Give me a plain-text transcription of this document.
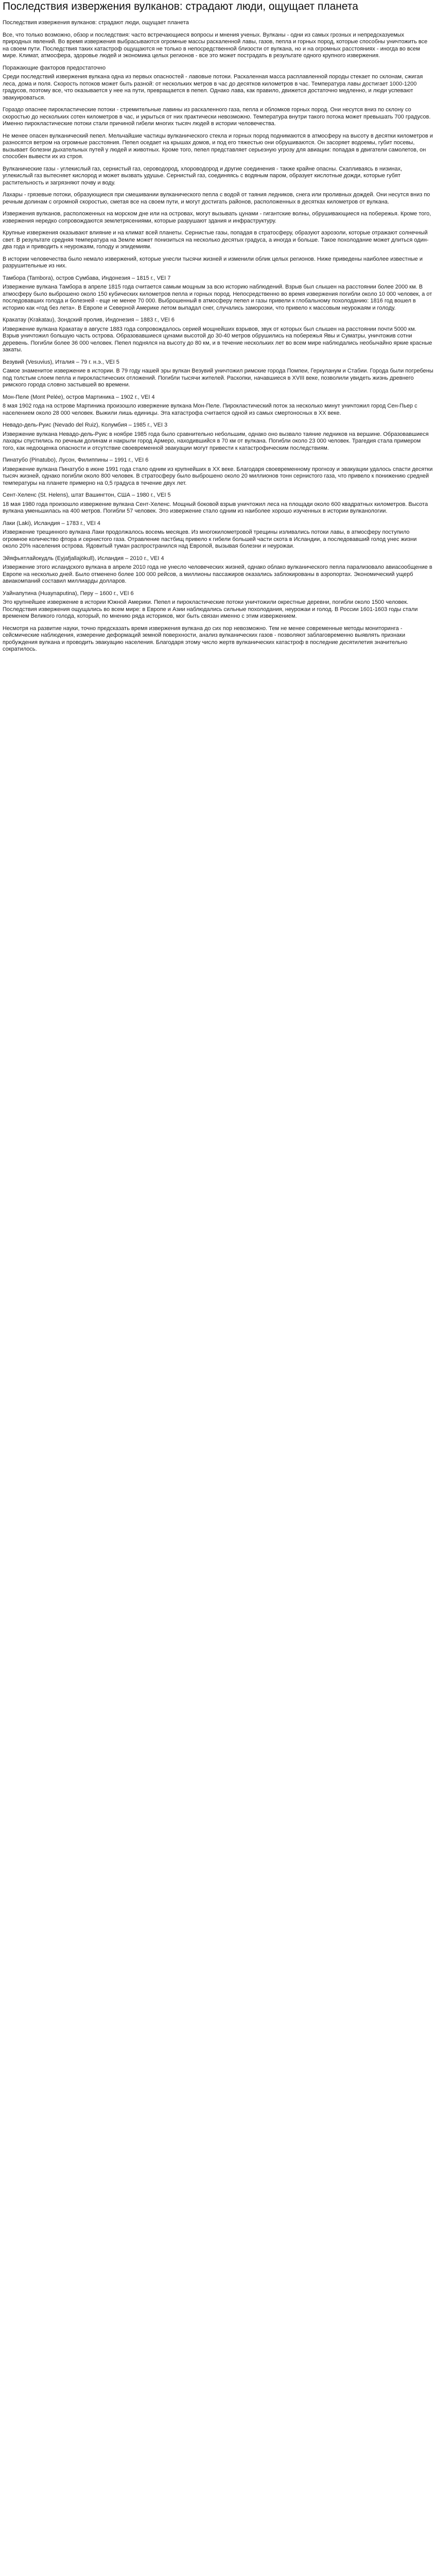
Последствия извержения вулканов: страдают люди, ощущает планета

Последствия извержения вулканов: страдают люди, ощущает планета

Все, что только возможно, обзор и последствия: часто встречающиеся вопросы и мнения ученых. Вулканы - одни из самых грозных и непредсказуемых природных явлений. Во время извержения выбрасываются огромные массы раскаленной лавы, газов, пепла и горных пород, которые способны уничтожить все на своем пути. Последствия таких катастроф ощущаются не только в непосредственной близости от вулкана, но и на огромных расстояниях - иногда во всем мире. Климат, атмосфера, здоровье людей и экономика целых регионов - все это может пострадать в результате одного крупного извержения.

Поражающие факторов предостаточно

Среди последствий извержения вулкана одна из первых опасностей - лавовые потоки. Раскаленная масса расплавленной породы стекает по склонам, сжигая леса, дома и поля. Скорость потоков может быть разной: от нескольких метров в час до десятков километров в час. Температура лавы достигает 1000-1200 градусов, поэтому все, что оказывается у нее на пути, превращается в пепел. Однако лава, как правило, движется достаточно медленно, и люди успевают эвакуироваться.

Гораздо опаснее пирокластические потоки - стремительные лавины из раскаленного газа, пепла и обломков горных пород. Они несутся вниз по склону со скоростью до нескольких сотен километров в час, и укрыться от них практически невозможно. Температура внутри такого потока может превышать 700 градусов. Именно пирокластические потоки стали причиной гибели многих тысяч людей в истории человечества.

Не менее опасен вулканический пепел. Мельчайшие частицы вулканического стекла и горных пород поднимаются в атмосферу на высоту в десятки километров и разносятся ветром на огромные расстояния. Пепел оседает на крышах домов, и под его тяжестью они обрушиваются. Он засоряет водоемы, губит посевы, вызывает болезни дыхательных путей у людей и животных. Кроме того, пепел представляет серьезную угрозу для авиации: попадая в двигатели самолетов, он способен вывести их из строя.

Вулканические газы - углекислый газ, сернистый газ, сероводород, хлороводород и другие соединения - также крайне опасны. Скапливаясь в низинах, углекислый газ вытесняет кислород и может вызвать удушье. Сернистый газ, соединяясь с водяным паром, образует кислотные дожди, которые губят растительность и загрязняют почву и воду.

Лахары - грязевые потоки, образующиеся при смешивании вулканического пепла с водой от таяния ледников, снега или проливных дождей. Они несутся вниз по речным долинам с огромной скоростью, сметая все на своем пути, и могут достигать районов, расположенных в десятках километров от вулкана.

Извержения вулканов, расположенных на морском дне или на островах, могут вызывать цунами - гигантские волны, обрушивающиеся на побережья. Кроме того, извержения нередко сопровождаются землетрясениями, которые разрушают здания и инфраструктуру.

Крупные извержения оказывают влияние и на климат всей планеты. Сернистые газы, попадая в стратосферу, образуют аэрозоли, которые отражают солнечный свет. В результате средняя температура на Земле может понизиться на несколько десятых градуса, а иногда и больше. Такое похолодание может длиться один-два года и приводить к неурожаям, голоду и эпидемиям.

В истории человечества было немало извержений, которые унесли тысячи жизней и изменили облик целых регионов. Ниже приведены наиболее известные и разрушительные из них.

Тамбора (Tambora), остров Сумбава, Индонезия – 1815 г., VEI 7

Извержение вулкана Тамбора в апреле 1815 года считается самым мощным за всю историю наблюдений. Взрыв был слышен на расстоянии более 2000 км. В атмосферу было выброшено около 150 кубических километров пепла и горных пород. Непосредственно во время извержения погибли около 10 000 человек, а от последовавших голода и болезней - еще не менее 70 000. Выброшенный в атмосферу пепел и газы привели к глобальному похолоданию: 1816 год вошел в историю как «год без лета». В Европе и Северной Америке летом выпадал снег, случались заморозки, что привело к массовым неурожаям и голоду.

Кракатау (Krakatau), Зондский пролив, Индонезия – 1883 г., VEI 6

Извержение вулкана Кракатау в августе 1883 года сопровождалось серией мощнейших взрывов, звук от которых был слышен на расстоянии почти 5000 км. Взрыв уничтожил большую часть острова. Образовавшиеся цунами высотой до 30-40 метров обрушились на побережья Явы и Суматры, уничтожив сотни деревень. Погибли более 36 000 человек. Пепел поднялся на высоту до 80 км, и в течение нескольких лет во всем мире наблюдались необычайно яркие красные закаты.

Везувий (Vesuvius), Италия – 79 г. н.э., VEI 5

Самое знаменитое извержение в истории. В 79 году нашей эры вулкан Везувий уничтожил римские города Помпеи, Геркуланум и Стабии. Города были погребены под толстым слоем пепла и пирокластических отложений. Погибли тысячи жителей. Раскопки, начавшиеся в XVIII веке, позволили увидеть жизнь древнего римского города словно застывшей во времени.

Мон-Пеле (Mont Pelée), остров Мартиника – 1902 г., VEI 4

8 мая 1902 года на острове Мартиника произошло извержение вулкана Мон-Пеле. Пирокластический поток за несколько минут уничтожил город Сен-Пьер с населением около 28 000 человек. Выжили лишь единицы. Эта катастрофа считается одной из самых смертоносных в XX веке.

Невадо-дель-Руис (Nevado del Ruiz), Колумбия – 1985 г., VEI 3

Извержение вулкана Невадо-дель-Руис в ноябре 1985 года было сравнительно небольшим, однако оно вызвало таяние ледников на вершине. Образовавшиеся лахары спустились по речным долинам и накрыли город Армеро, находившийся в 70 км от вулкана. Погибли около 23 000 человек. Трагедия стала примером того, как недооценка опасности и отсутствие своевременной эвакуации могут привести к катастрофическим последствиям.

Пинатубо (Pinatubo), Лусон, Филиппины – 1991 г., VEI 6

Извержение вулкана Пинатубо в июне 1991 года стало одним из крупнейших в XX веке. Благодаря своевременному прогнозу и эвакуации удалось спасти десятки тысяч жизней, однако погибли около 800 человек. В стратосферу было выброшено около 20 миллионов тонн сернистого газа, что привело к понижению средней температуры на планете примерно на 0,5 градуса в течение двух лет.

Сент-Хеленс (St. Helens), штат Вашингтон, США – 1980 г., VEI 5

18 мая 1980 года произошло извержение вулкана Сент-Хеленс. Мощный боковой взрыв уничтожил леса на площади около 600 квадратных километров. Высота вулкана уменьшилась на 400 метров. Погибли 57 человек. Это извержение стало одним из наиболее хорошо изученных в истории вулканологии.

Лаки (Laki), Исландия – 1783 г., VEI 4

Извержение трещинного вулкана Лаки продолжалось восемь месяцев. Из многокилометровой трещины изливались потоки лавы, в атмосферу поступило огромное количество фтора и сернистого газа. Отравление пастбищ привело к гибели большей части скота в Исландии, а последовавший голод унес жизни около 20% населения острова. Ядовитый туман распространился над Европой, вызывая болезни и неурожаи.

Эйяфьятлайокудль (Eyjafjallajökull), Исландия – 2010 г., VEI 4

Извержение этого исландского вулкана в апреле 2010 года не унесло человеческих жизней, однако облако вулканического пепла парализовало авиасообщение в Европе на несколько дней. Было отменено более 100 000 рейсов, а миллионы пассажиров оказались заблокированы в аэропортах. Экономический ущерб авиакомпаний составил миллиарды долларов.

Уайнапутина (Huaynaputina), Перу – 1600 г., VEI 6

Это крупнейшее извержение в истории Южной Америки. Пепел и пирокластические потоки уничтожили окрестные деревни, погибли около 1500 человек. Последствия извержения ощущались во всем мире: в Европе и Азии наблюдались сильные похолодания, неурожаи и голод. В России 1601-1603 годы стали временем Великого голода, который, по мнению ряда историков, мог быть связан именно с этим извержением.

Несмотря на развитие науки, точно предсказать время извержения вулкана до сих пор невозможно. Тем не менее современные методы мониторинга - сейсмические наблюдения, измерение деформаций земной поверхности, анализ вулканических газов - позволяют заблаговременно выявлять признаки пробуждения вулкана и проводить эвакуацию населения. Благодаря этому число жертв вулканических катастроф в последние десятилетия значительно сократилось.
